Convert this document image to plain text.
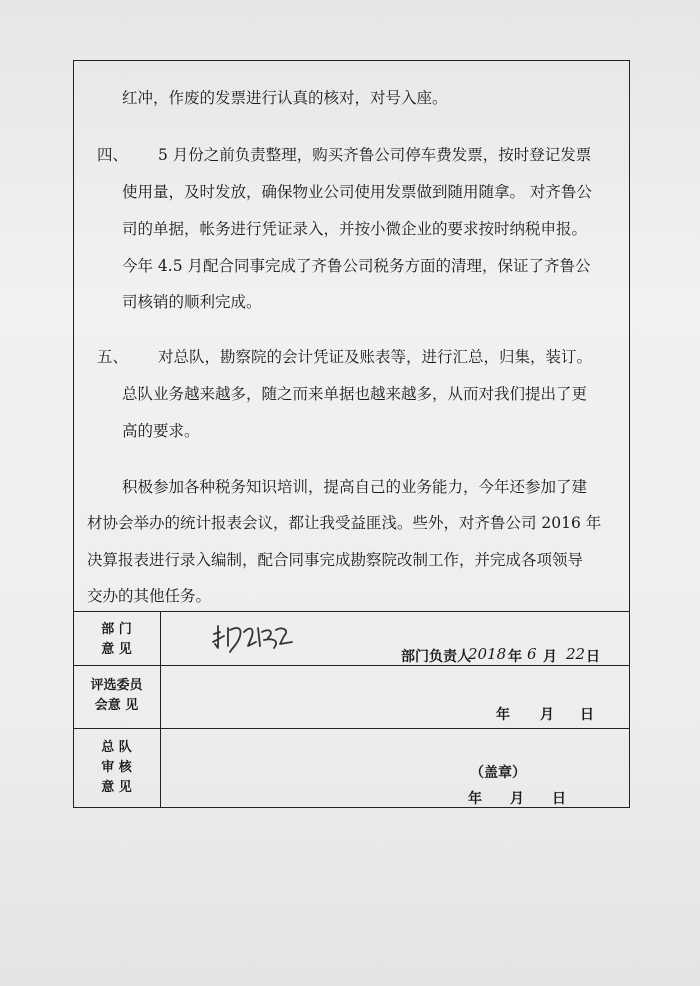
红冲，作废的发票进行认真的核对，对号入座。
四、 5 月份之前负责整理，购买齐鲁公司停车费发票，按时登记发票
使用量，及时发放，确保物业公司使用发票做到随用随拿。 对齐鲁公
司的单据，帐务进行凭证录入，并按小微企业的要求按时纳税申报。
今年 4.5 月配合同事完成了齐鲁公司税务方面的清理，保证了齐鲁公
司核销的顺利完成。
五、 对总队，勘察院的会计凭证及账表等，进行汇总，归集，装订。
总队业务越来越多，随之而来单据也越来越多，从而对我们提出了更
高的要求。
积极参加各种税务知识培训，提高自己的业务能力，今年还参加了建
材协会举办的统计报表会议，都让我受益匪浅。些外，对齐鲁公司 2016 年
决算报表进行录入编制，配合同事完成勘察院改制工作，并完成各项领导
交办的其他任务。
部 门
意 见	部门负责人
2018 年 6 月 22 日
评选委员
会意 见
年 月 日
总 队
审 核
意 见
（盖章）
年 月 日
